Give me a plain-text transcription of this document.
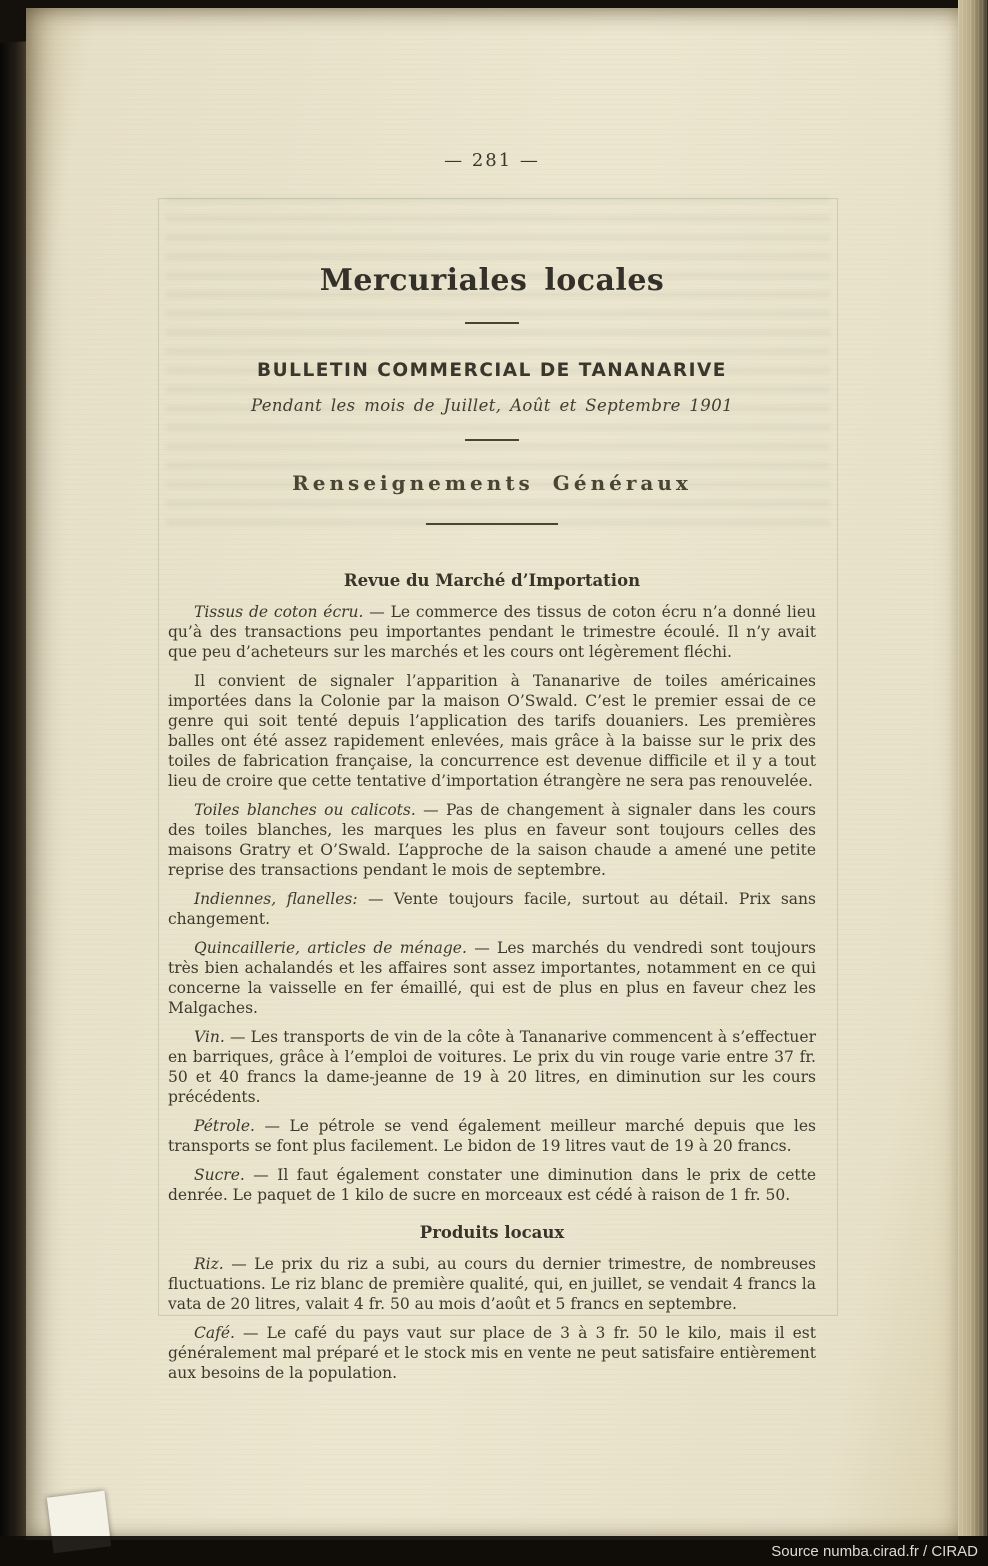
— 281 —
Mercuriales locales
BULLETIN COMMERCIAL DE TANANARIVE
Pendant les mois de Juillet, Août et Septembre 1901
Renseignements Généraux
Revue du Marché d’Importation

Tissus de coton écru. — Le commerce des tissus de coton écru n’a donné lieu qu’à des transactions peu importantes pendant le trimestre écoulé. Il n’y avait que peu d’acheteurs sur les marchés et les cours ont légèrement fléchi.

Il convient de signaler l’apparition à Tananarive de toiles américaines importées dans la Colonie par la maison O’Swald. C’est le premier essai de ce genre qui soit tenté depuis l’application des tarifs douaniers. Les premières balles ont été assez rapidement enlevées, mais grâce à la baisse sur le prix des toiles de fabrication française, la concurrence est devenue difficile et il y a tout lieu de croire que cette tentative d’importation étrangère ne sera pas renouvelée.

Toiles blanches ou calicots. — Pas de changement à signaler dans les cours des toiles blanches, les marques les plus en faveur sont toujours celles des maisons Gratry et O’Swald. L’approche de la saison chaude a amené une petite reprise des transactions pendant le mois de septembre.

Indiennes, flanelles: — Vente toujours facile, surtout au détail. Prix sans changement.

Quincaillerie, articles de ménage. — Les marchés du vendredi sont toujours très bien achalandés et les affaires sont assez importantes, notamment en ce qui concerne la vaisselle en fer émaillé, qui est de plus en plus en faveur chez les Malgaches.

Vin. — Les transports de vin de la côte à Tananarive commencent à s’effectuer en barriques, grâce à l’emploi de voitures. Le prix du vin rouge varie entre 37 fr. 50 et 40 francs la dame-jeanne de 19 à 20 litres, en diminution sur les cours précédents.

Pétrole. — Le pétrole se vend également meilleur marché depuis que les transports se font plus facilement. Le bidon de 19 litres vaut de 19 à 20 francs.

Sucre. — Il faut également constater une diminution dans le prix de cette denrée. Le paquet de 1 kilo de sucre en morceaux est cédé à raison de 1 fr. 50.

Produits locaux

Riz. — Le prix du riz a subi, au cours du dernier trimestre, de nombreuses fluctuations. Le riz blanc de première qualité, qui, en juillet, se vendait 4 francs la vata de 20 litres, valait 4 fr. 50 au mois d’août et 5 francs en septembre.

Café. — Le café du pays vaut sur place de 3 à 3 fr. 50 le kilo, mais il est généralement mal préparé et le stock mis en vente ne peut satisfaire entièrement aux besoins de la population.

Source numba.cirad.fr / CIRAD
